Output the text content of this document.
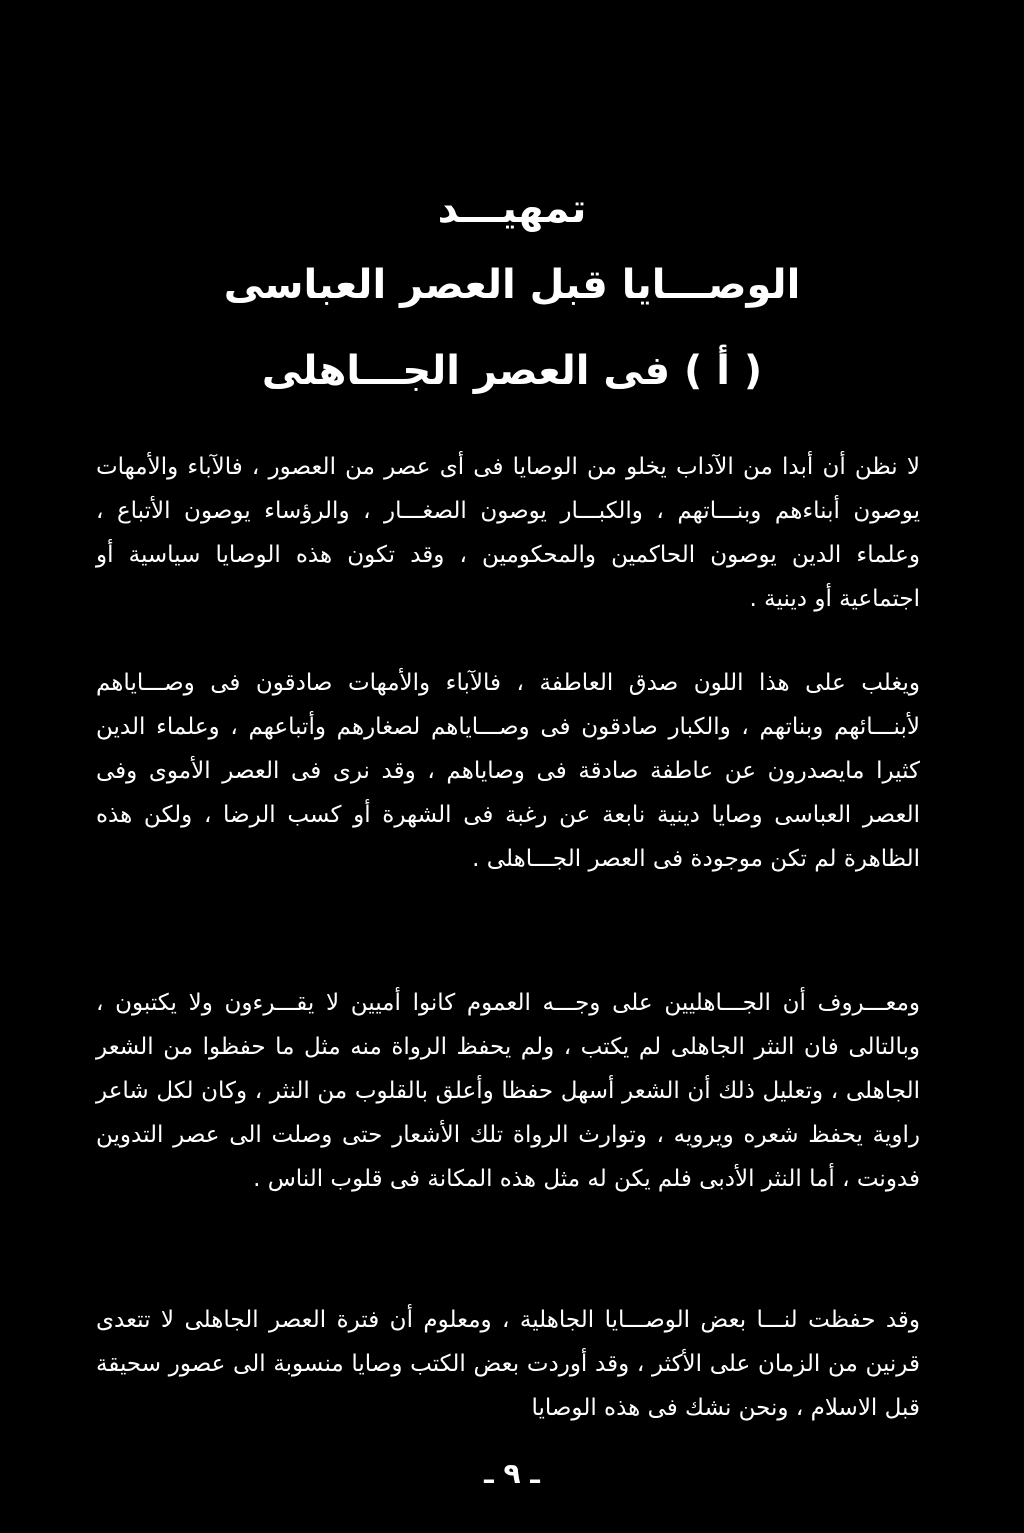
تمهيـــد
الوصـــايا قبل العصر العباسى
( أ ) فى العصر الجـــاهلى

لا نظن أن أبدا من الآداب يخلو من الوصايا فى أى عصر من العصور ، فالآباء والأمهات يوصون أبناءهم وبنـــاتهم ، والكبـــار يوصون الصغـــار ، والرؤساء يوصون الأتباع ، وعلماء الدين يوصون الحاكمين والمحكومين ، وقد تكون هذه الوصايا سياسية أو اجتماعية أو دينية .

ويغلب على هذا اللون صدق العاطفة ، فالآباء والأمهات صادقون فى وصـــاياهم لأبنـــائهم وبناتهم ، والكبار صادقون فى وصـــاياهم لصغارهم وأتباعهم ، وعلماء الدين كثيرا مايصدرون عن عاطفة صادقة فى وصاياهم ، وقد نرى فى العصر الأموى وفى العصر العباسى وصايا دينية نابعة عن رغبة فى الشهرة أو كسب الرضا ، ولكن هذه الظاهرة لم تكن موجودة فى العصر الجـــاهلى .

ومعـــروف أن الجـــاهليين على وجـــه العموم كانوا أميين لا يقـــرءون ولا يكتبون ، وبالتالى فان النثر الجاهلى لم يكتب ، ولم يحفظ الرواة منه مثل ما حفظوا من الشعر الجاهلى ، وتعليل ذلك أن الشعر أسهل حفظا وأعلق بالقلوب من النثر ، وكان لكل شاعر راوية يحفظ شعره ويرويه ، وتوارث الرواة تلك الأشعار حتى وصلت الى عصر التدوين فدونت ، أما النثر الأدبى فلم يكن له مثل هذه المكانة فى قلوب الناس .

وقد حفظت لنـــا بعض الوصـــايا الجاهلية ، ومعلوم أن فترة العصر الجاهلى لا تتعدى قرنين من الزمان على الأكثر ، وقد أوردت بعض الكتب وصايا منسوبة الى عصور سحيقة قبل الاسلام ، ونحن نشك فى هذه الوصايا

ـ ٩ ـ
